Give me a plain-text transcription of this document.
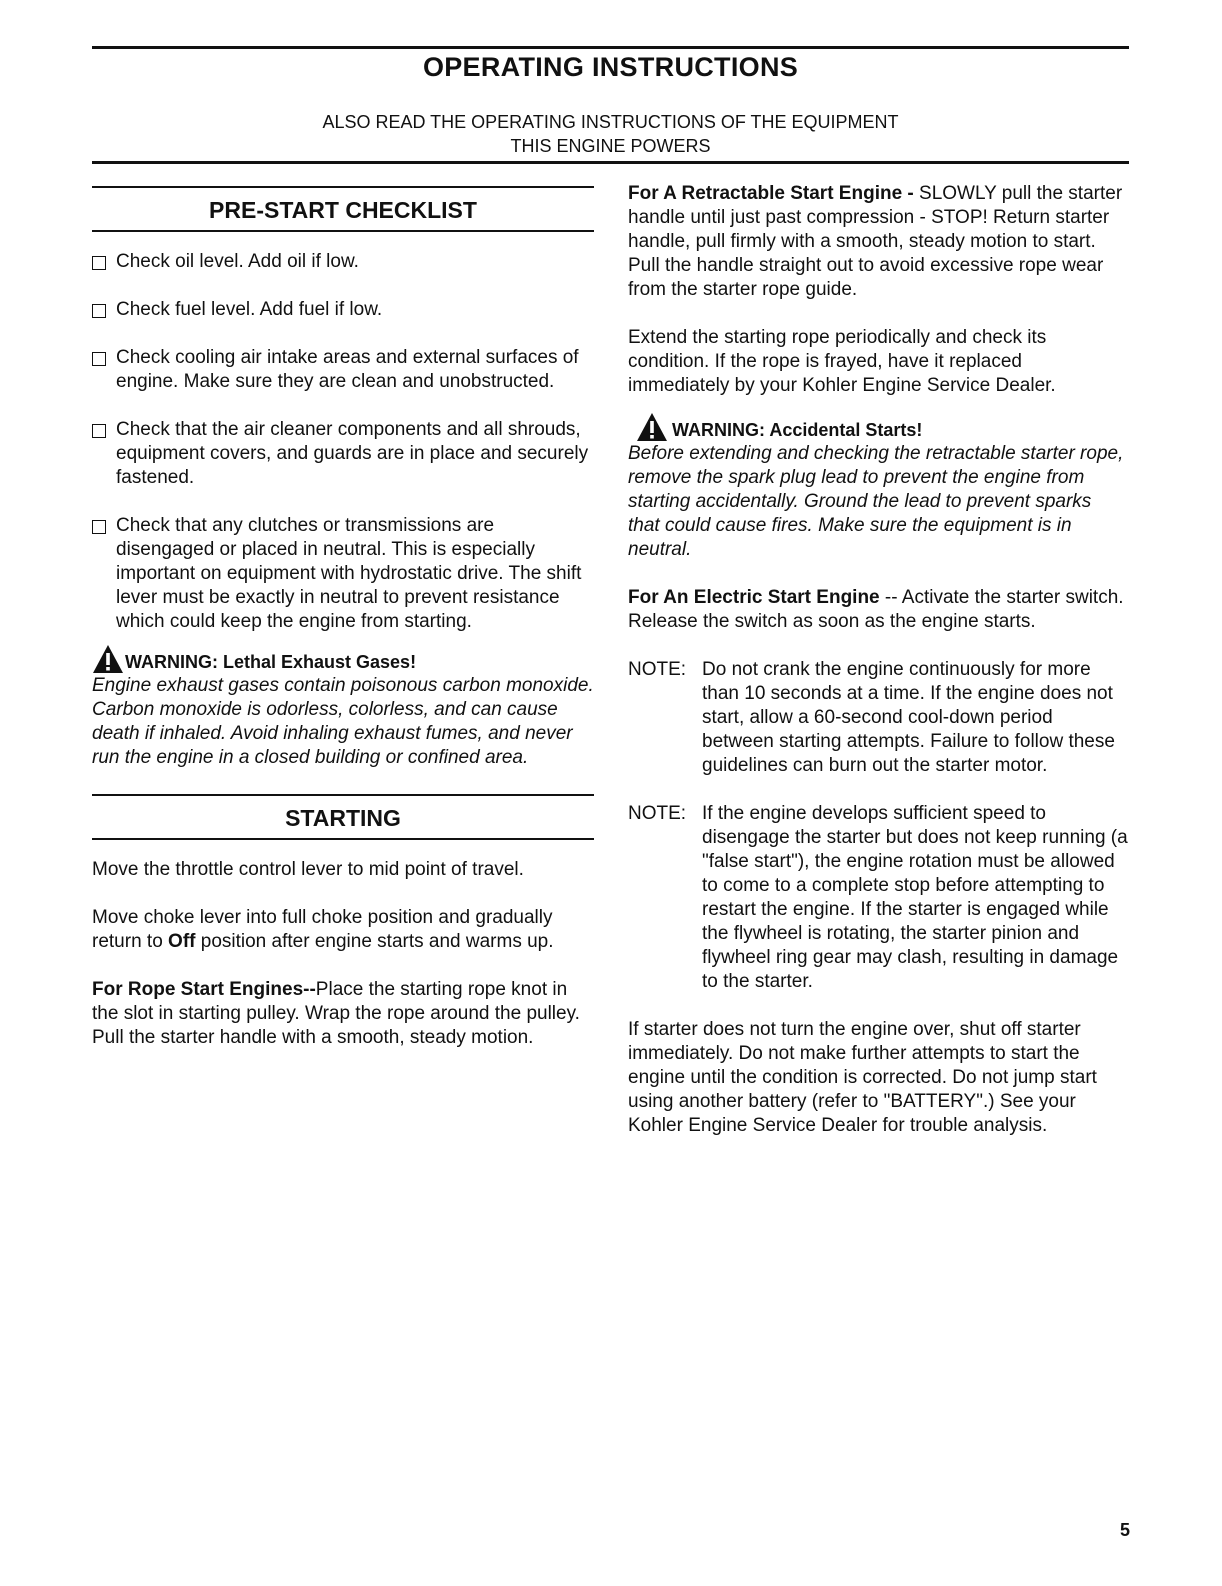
OPERATING INSTRUCTIONS
ALSO READ THE OPERATING INSTRUCTIONS OF THE EQUIPMENT
THIS ENGINE POWERS
PRE-START CHECKLIST
Check oil level. Add oil if low.
Check fuel level. Add fuel if low.
Check cooling air intake areas and external surfaces of engine. Make sure they are clean and unobstructed.
Check that the air cleaner components and all shrouds, equipment covers, and guards are in place and securely fastened.
Check that any clutches or transmissions are disengaged or placed in neutral. This is especially important on equipment with hydrostatic drive. The shift lever must be exactly in neutral to prevent resistance which could keep the engine from starting.
WARNING: Lethal Exhaust Gases!

Engine exhaust gases contain poisonous carbon monoxide. Carbon monoxide is odorless, colorless, and can cause death if inhaled. Avoid inhaling exhaust fumes, and never run the engine in a closed building or confined area.

STARTING

Move the throttle control lever to mid point of travel.

Move choke lever into full choke position and gradually return to Off position after engine starts and warms up.

For Rope Start Engines--Place the starting rope knot in the slot in starting pulley. Wrap the rope around the pulley. Pull the starter handle with a smooth, steady motion.

For A Retractable Start Engine - SLOWLY pull the starter handle until just past compression - STOP! Return starter handle, pull firmly with a smooth, steady motion to start. Pull the handle straight out to avoid excessive rope wear from the starter rope guide.

Extend the starting rope periodically and check its condition. If the rope is frayed, have it replaced immediately by your Kohler Engine Service Dealer.

WARNING: Accidental Starts!

Before extending and checking the retractable starter rope, remove the spark plug lead to prevent the engine from starting accidentally. Ground the lead to prevent sparks that could cause fires. Make sure the equipment is in neutral.

For An Electric Start Engine -- Activate the starter switch. Release the switch as soon as the engine starts.

NOTE: Do not crank the engine continuously for more than 10 seconds at a time. If the engine does not start, allow a 60-second cool-down period between starting attempts. Failure to follow these guidelines can burn out the starter motor.
NOTE: If the engine develops sufficient speed to disengage the starter but does not keep running (a "false start"), the engine rotation must be allowed to come to a complete stop before attempting to restart the engine. If the starter is engaged while the flywheel is rotating, the starter pinion and flywheel ring gear may clash, resulting in damage to the starter.

If starter does not turn the engine over, shut off starter immediately. Do not make further attempts to start the engine until the condition is corrected. Do not jump start using another battery (refer to "BATTERY".) See your Kohler Engine Service Dealer for trouble analysis.

5
